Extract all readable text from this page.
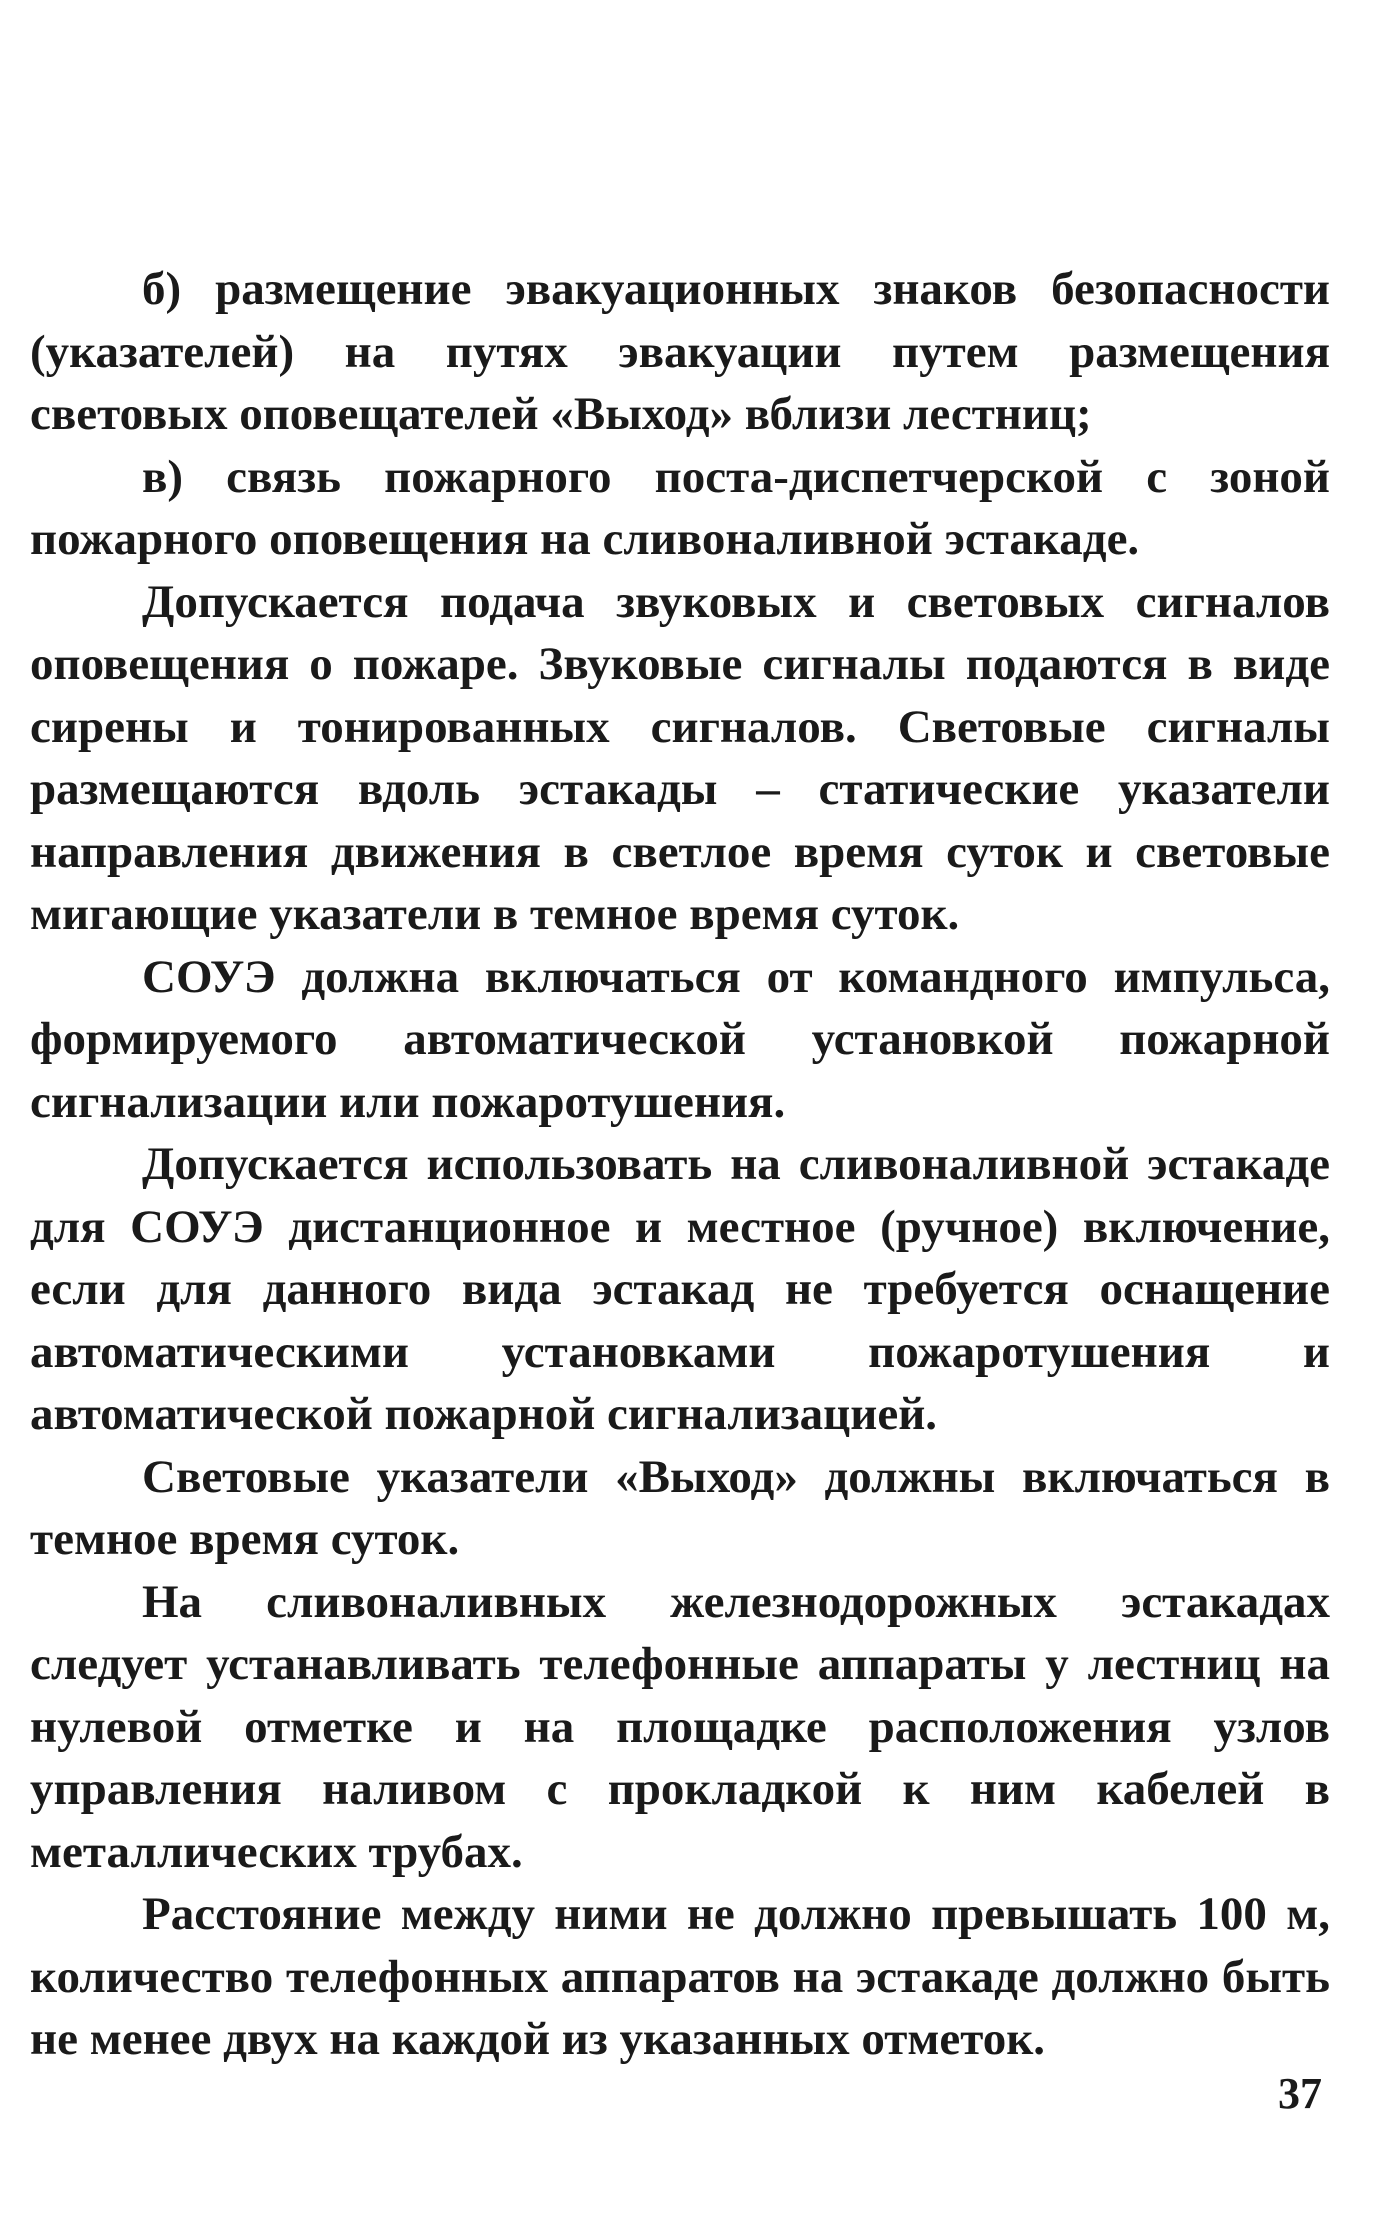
б) размещение эвакуационных знаков безопасности (указателей) на путях эвакуации путем размещения световых оповещателей «Выход» вблизи лестниц;

в) связь пожарного поста-диспетчерской с зоной пожарного оповещения на сливоналивной эстакаде.

Допускается подача звуковых и световых сигналов оповещения о пожаре. Звуковые сигналы подаются в виде сирены и тонированных сигналов. Световые сигналы размещаются вдоль эстакады – статические указатели направления движения в светлое время суток и световые мигающие указатели в темное время суток.

СОУЭ должна включаться от командного импульса, формируемого автоматической установкой пожарной сигнализации или пожаротушения.

Допускается использовать на сливоналивной эстакаде для СОУЭ дистанционное и местное (ручное) включение, если для данного вида эстакад не требуется оснащение автоматическими установками пожаротушения и автоматической пожарной сигнализацией.

Световые указатели «Выход» должны включаться в темное время суток.

На сливоналивных железнодорожных эстакадах следует устанавливать телефонные аппараты у лестниц на нулевой отметке и на площадке расположения узлов управления наливом с прокладкой к ним кабелей в металлических трубах.

Расстояние между ними не должно превышать 100 м, количество телефонных аппаратов на эстакаде должно быть не менее двух на каждой из указанных отметок.

37
